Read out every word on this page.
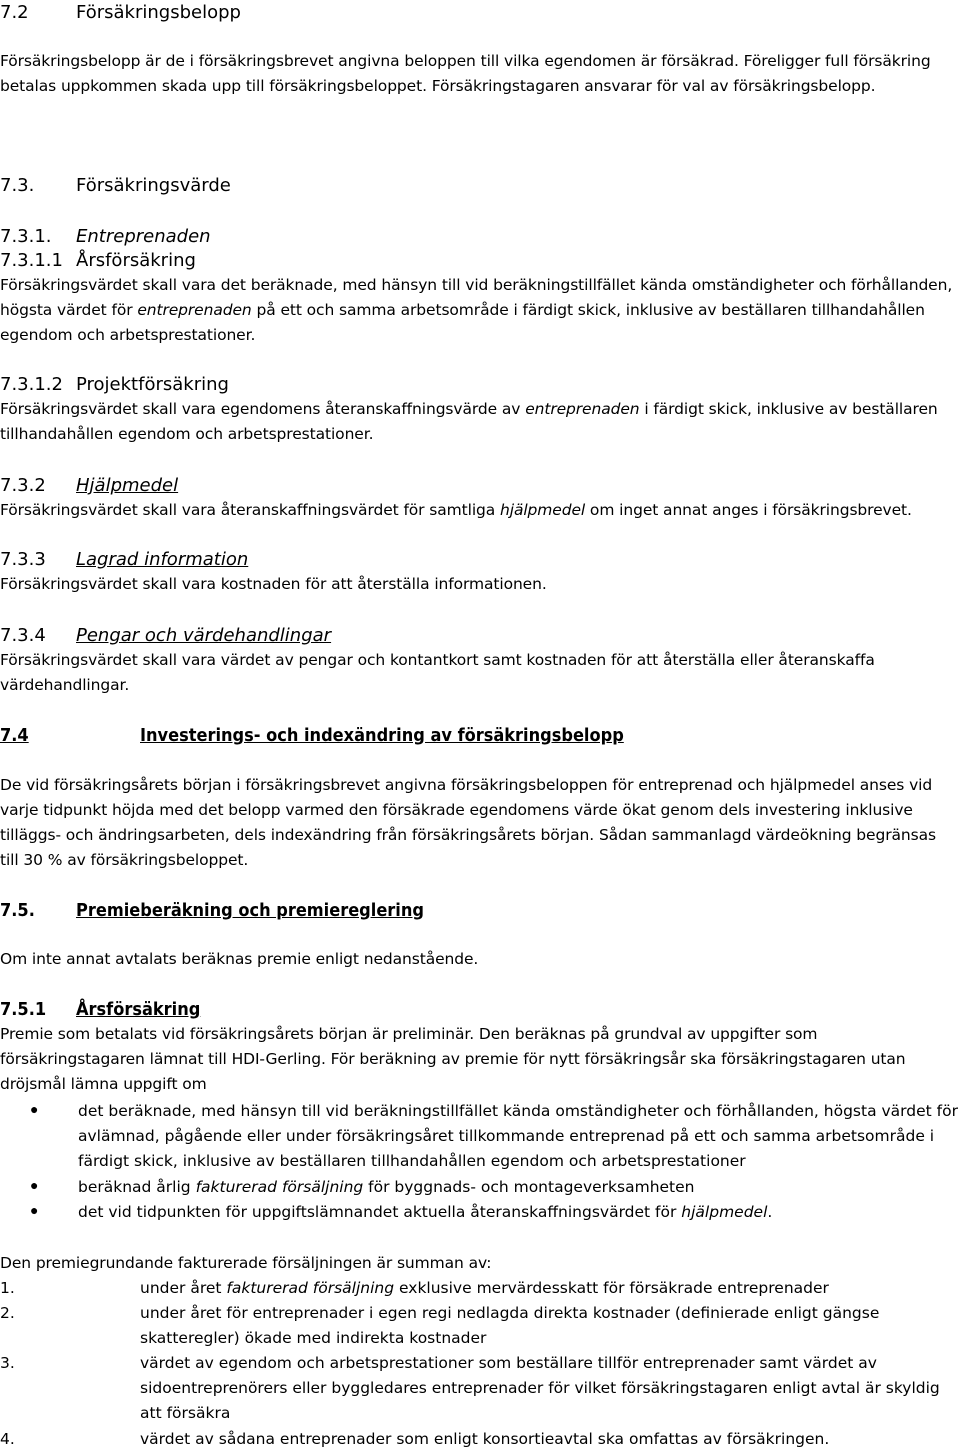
7.2	Försäkringsbelopp
Försäkringsbelopp är de i försäkringsbrevet angivna beloppen till vilka egendomen är försäkrad. Föreligger full försäkring betalas uppkommen skada upp till försäkringsbeloppet. Försäkringstagaren ansvarar för val av försäkringsbelopp.
7.3. Försäkringsvärde
7.3.1. Entreprenaden
7.3.1.1 Årsförsäkring
Försäkringsvärdet skall vara det beräknade, med hänsyn till vid beräkningstillfället kända omständigheter och förhållanden, högsta värdet för entreprenaden på ett och samma arbetsområde i färdigt skick, inklusive av beställaren tillhandahållen egendom och arbetsprestationer.
7.3.1.2 Projektförsäkring
Försäkringsvärdet skall vara egendomens återanskaffningsvärde av entreprenaden i färdigt skick, inklusive av beställaren tillhandahållen egendom och arbetsprestationer.
7.3.2 Hjälpmedel
Försäkringsvärdet skall vara återanskaffningsvärdet för samtliga hjälpmedel om inget annat anges i försäkringsbrevet.
7.3.3 Lagrad information
Försäkringsvärdet skall vara kostnaden för att återställa informationen.
7.3.4 Pengar och värdehandlingar
Försäkringsvärdet skall vara värdet av pengar och kontantkort samt kostnaden för att återställa eller återanskaffa värdehandlingar.
7.4	Investerings- och indexändring av försäkringsbelopp
De vid försäkringsårets början i försäkringsbrevet angivna försäkringsbeloppen för entreprenad och hjälpmedel anses vid varje tidpunkt höjda med det belopp varmed den försäkrade egendomens värde ökat genom dels investering inklusive tilläggs- och ändringsarbeten, dels indexändring från försäkringsårets början. Sådan sammanlagd värdeökning begränsas till 30 % av försäkringsbeloppet.
7.5. Premieberäkning och premiereglering
Om inte annat avtalats beräknas premie enligt nedanstående.
7.5.1 Årsförsäkring
Premie som betalats vid försäkringsårets början är preliminär. Den beräknas på grundval av uppgifter som försäkringstagaren lämnat till HDI-Gerling. För beräkning av premie för nytt försäkringsår ska försäkringstagaren utan dröjsmål lämna uppgift om
●	det beräknade, med hänsyn till vid beräkningstillfället kända omständigheter och förhållanden, högsta värdet för avlämnad, pågående eller under försäkringsåret tillkommande entreprenad på ett och samma arbetsområde i färdigt skick, inklusive av beställaren tillhandahållen egendom och arbetsprestationer
●	beräknad årlig fakturerad försäljning för byggnads- och montageverksamheten
●	det vid tidpunkten för uppgiftslämnandet aktuella återanskaffningsvärdet för hjälpmedel.
Den premiegrundande fakturerade försäljningen är summan av:
1.	under året fakturerad försäljning exklusive mervärdesskatt för försäkrade entreprenader
2.	under året för entreprenader i egen regi nedlagda direkta kostnader (definierade enligt gängse skatteregler) ökade med indirekta kostnader
3.	värdet av egendom och arbetsprestationer som beställare tillför entreprenader samt värdet av sidoentreprenörers eller byggledares entreprenader för vilket försäkringstagaren enligt avtal är skyldig att försäkra
4.	värdet av sådana entreprenader som enligt konsortieavtal ska omfattas av försäkringen.
